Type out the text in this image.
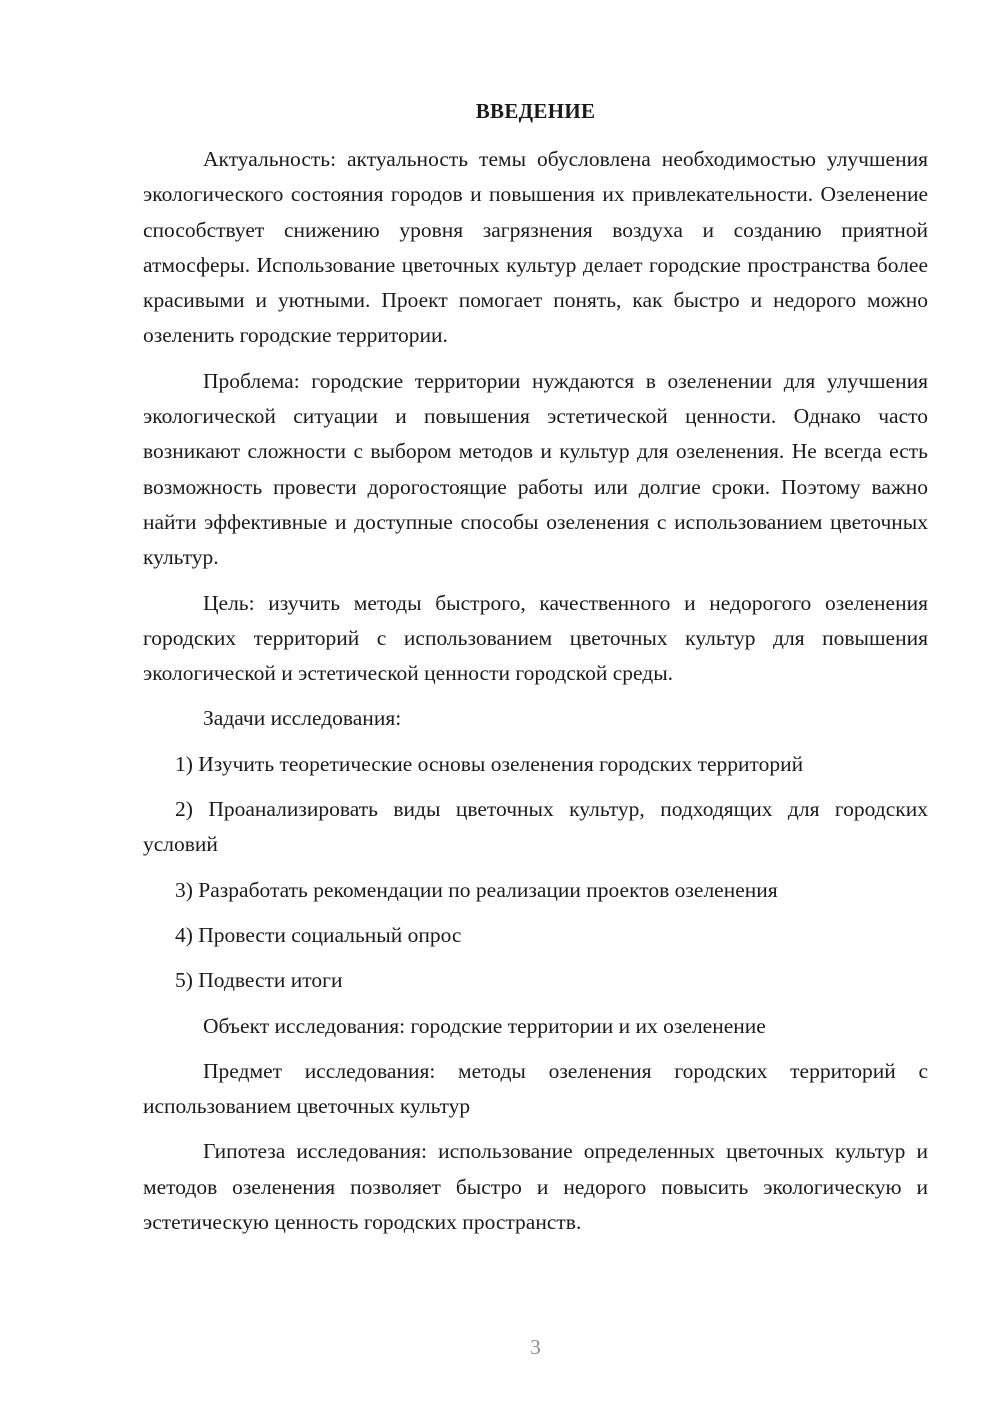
ВВЕДЕНИЕ

Актуальность: актуальность темы обусловлена необходимостью улучшения экологического состояния городов и повышения их привлекательности. Озеленение способствует снижению уровня загрязнения воздуха и созданию приятной атмосферы. Использование цветочных культур делает городские пространства более красивыми и уютными. Проект помогает понять, как быстро и недорого можно озеленить городские территории.

Проблема: городские территории нуждаются в озеленении для улучшения экологической ситуации и повышения эстетической ценности. Однако часто возникают сложности с выбором методов и культур для озеленения. Не всегда есть возможность провести дорогостоящие работы или долгие сроки. Поэтому важно найти эффективные и доступные способы озеленения с использованием цветочных культур.

Цель: изучить методы быстрого, качественного и недорогого озеленения городских территорий с использованием цветочных культур для повышения экологической и эстетической ценности городской среды.

Задачи исследования:

1) Изучить теоретические основы озеленения городских территорий

2) Проанализировать виды цветочных культур, подходящих для городских условий

3) Разработать рекомендации по реализации проектов озеленения

4) Провести социальный опрос

5) Подвести итоги

Объект исследования: городские территории и их озеленение

Предмет исследования: методы озеленения городских территорий с использованием цветочных культур

Гипотеза исследования: использование определенных цветочных культур и методов озеленения позволяет быстро и недорого повысить экологическую и эстетическую ценность городских пространств.

3
